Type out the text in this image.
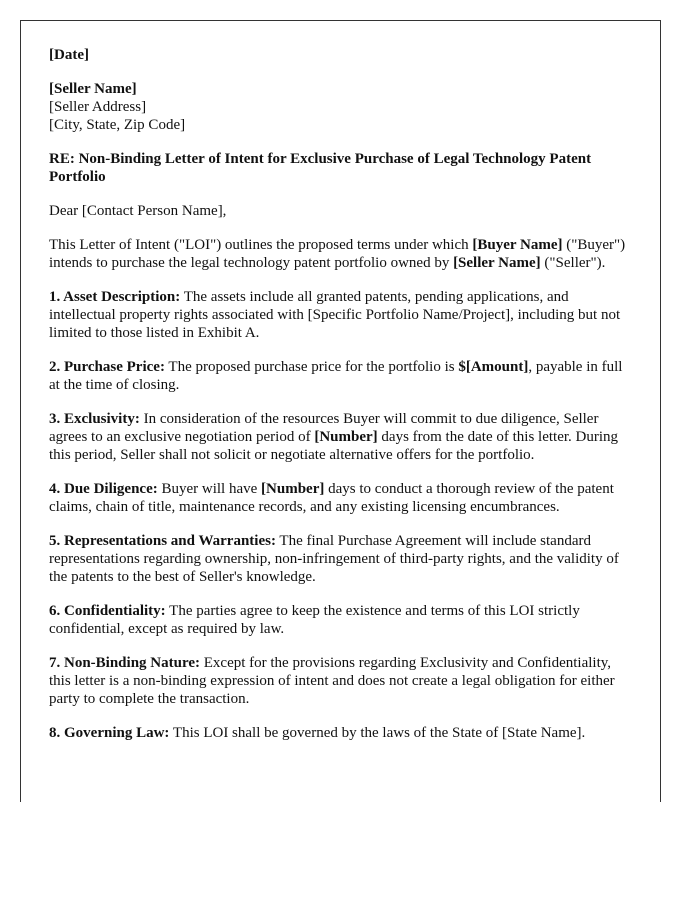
[Date]

[Seller Name]
[Seller Address]
[City, State, Zip Code]

RE: Non-Binding Letter of Intent for Exclusive Purchase of Legal Technology Patent Portfolio

Dear [Contact Person Name],

This Letter of Intent ("LOI") outlines the proposed terms under which [Buyer Name] ("Buyer") intends to purchase the legal technology patent portfolio owned by [Seller Name] ("Seller").

1. Asset Description: The assets include all granted patents, pending applications, and intellectual property rights associated with [Specific Portfolio Name/Project], including but not limited to those listed in Exhibit A.

2. Purchase Price: The proposed purchase price for the portfolio is $[Amount], payable in full at the time of closing.

3. Exclusivity: In consideration of the resources Buyer will commit to due diligence, Seller agrees to an exclusive negotiation period of [Number] days from the date of this letter. During this period, Seller shall not solicit or negotiate alternative offers for the portfolio.

4. Due Diligence: Buyer will have [Number] days to conduct a thorough review of the patent claims, chain of title, maintenance records, and any existing licensing encumbrances.

5. Representations and Warranties: The final Purchase Agreement will include standard representations regarding ownership, non-infringement of third-party rights, and the validity of the patents to the best of Seller's knowledge.

6. Confidentiality: The parties agree to keep the existence and terms of this LOI strictly confidential, except as required by law.

7. Non-Binding Nature: Except for the provisions regarding Exclusivity and Confidentiality, this letter is a non-binding expression of intent and does not create a legal obligation for either party to complete the transaction.

8. Governing Law: This LOI shall be governed by the laws of the State of [State Name].
